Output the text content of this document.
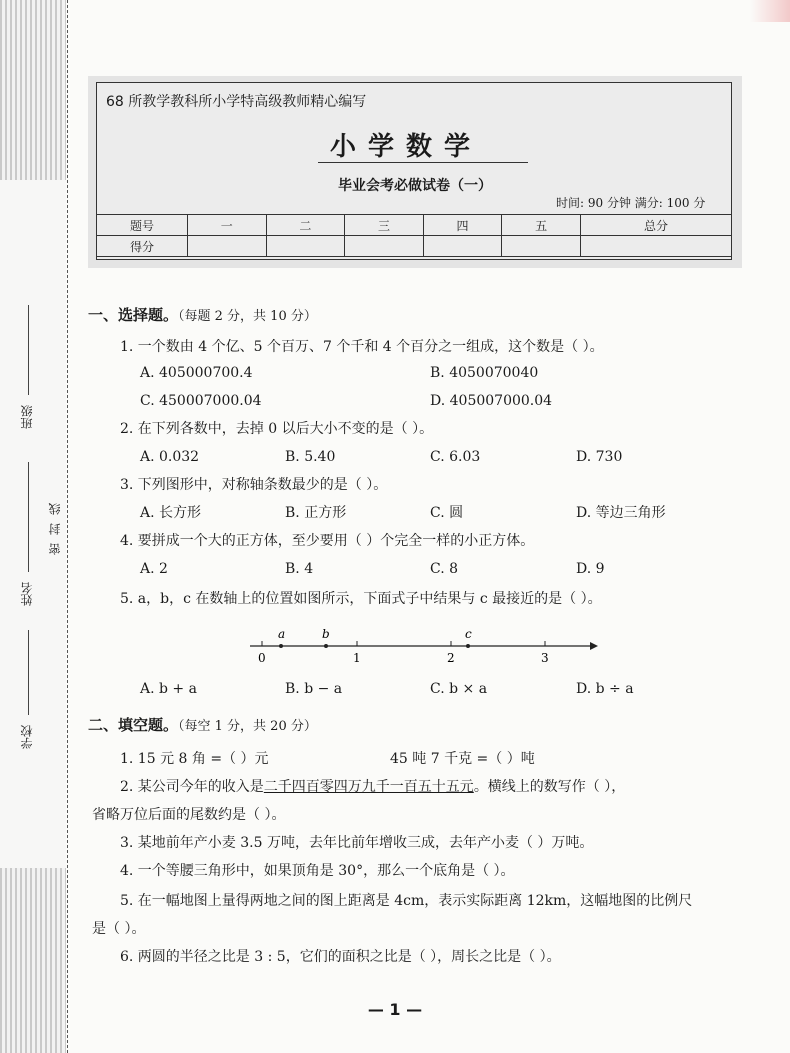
班级
姓名
学校
密封线
68 所教学教科所小学特高级教师精心编写
小学数学
毕业会考必做试卷（一）
时间: 90 分钟 满分: 100 分
题号	一	二	三	四	五	总分
得分						
一、选择题。（每题 2 分，共 10 分）
1. 一个数由 4 个亿、5 个百万、7 个千和 4 个百分之一组成，这个数是（ ）。
A. 405000700.4	B. 4050070040
C. 450007000.04	D. 405007000.04
2. 在下列各数中，去掉 0 以后大小不变的是（ ）。
A. 0.032	B. 5.40	C. 6.03	D. 730
3. 下列图形中，对称轴条数最少的是（ ）。
A. 长方形	B. 正方形	C. 圆	D. 等边三角形
4. 要拼成一个大的正方体，至少要用（ ）个完全一样的小正方体。
A. 2	B. 4	C. 8	D. 9
5. a，b，c 在数轴上的位置如图所示，下面式子中结果与 c 最接近的是（ ）。
0	1	2	3
a	b	c
A. b + a	B. b − a	C. b × a	D. b ÷ a
二、填空题。（每空 1 分，共 20 分）
1. 15 元 8 角 =（ ）元	45 吨 7 千克 =（ ）吨
2. 某公司今年的收入是二千四百零四万九千一百五十五元。横线上的数写作（ ），
省略万位后面的尾数约是（ ）。
3. 某地前年产小麦 3.5 万吨，去年比前年增收三成，去年产小麦（ ）万吨。
4. 一个等腰三角形中，如果顶角是 30°，那么一个底角是（ ）。
5. 在一幅地图上量得两地之间的图上距离是 4cm，表示实际距离 12km，这幅地图的比例尺
是（ ）。
6. 两圆的半径之比是 3 : 5，它们的面积之比是（ ），周长之比是（ ）。
— 1 —
